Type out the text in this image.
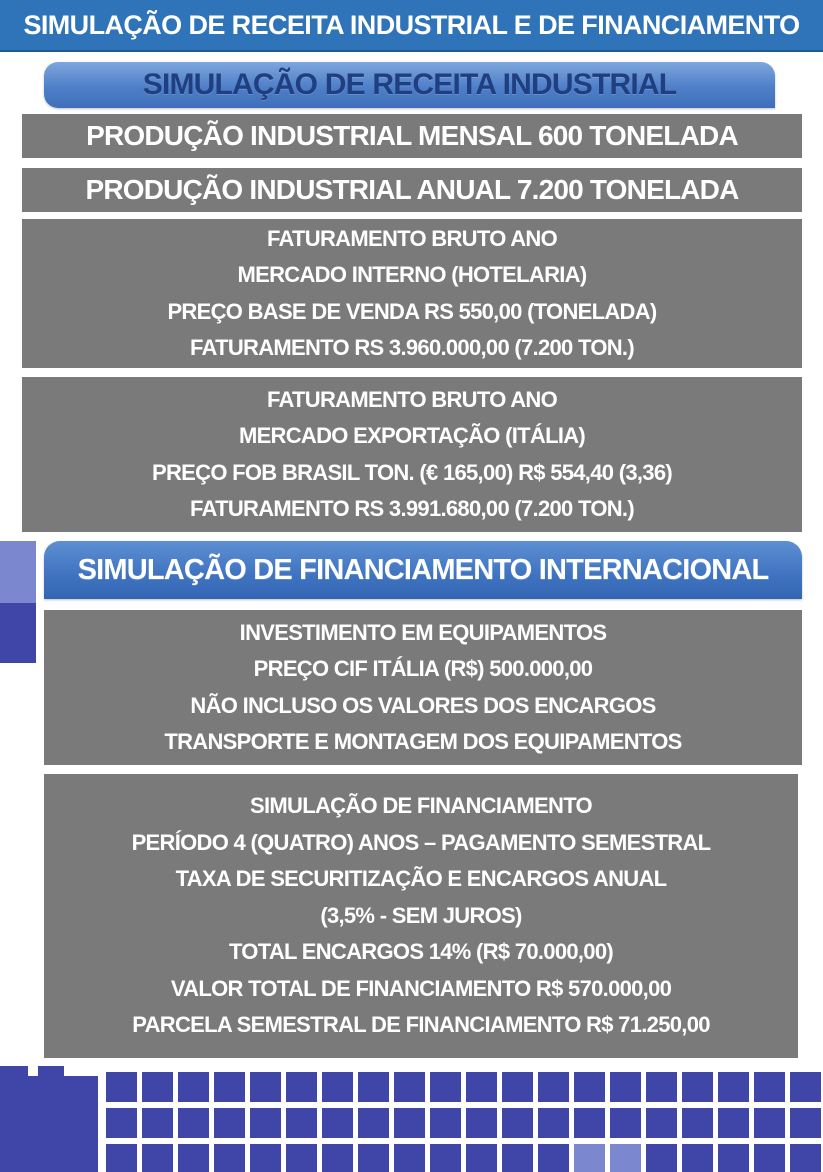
SIMULAÇÃO DE RECEITA INDUSTRIAL E DE FINANCIAMENTO
SIMULAÇÃO DE RECEITA INDUSTRIAL
PRODUÇÃO INDUSTRIAL MENSAL 600 TONELADA
PRODUÇÃO INDUSTRIAL ANUAL 7.200 TONELADA
FATURAMENTO BRUTO ANO
MERCADO INTERNO (HOTELARIA)
PREÇO BASE DE VENDA RS 550,00 (TONELADA)
FATURAMENTO RS 3.960.000,00 (7.200 TON.)
FATURAMENTO BRUTO ANO
MERCADO EXPORTAÇÃO (ITÁLIA)
PREÇO FOB BRASIL TON. (€ 165,00) R$ 554,40 (3,36)
FATURAMENTO RS 3.991.680,00 (7.200 TON.)
SIMULAÇÃO DE FINANCIAMENTO INTERNACIONAL
INVESTIMENTO EM EQUIPAMENTOS
PREÇO CIF ITÁLIA (R$) 500.000,00
NÃO INCLUSO OS VALORES DOS ENCARGOS
TRANSPORTE E MONTAGEM DOS EQUIPAMENTOS
SIMULAÇÃO DE FINANCIAMENTO
PERÍODO 4 (QUATRO) ANOS – PAGAMENTO SEMESTRAL
TAXA DE SECURITIZAÇÃO E ENCARGOS ANUAL
(3,5% - SEM JUROS)
TOTAL ENCARGOS 14% (R$ 70.000,00)
VALOR TOTAL DE FINANCIAMENTO R$ 570.000,00
PARCELA SEMESTRAL DE FINANCIAMENTO R$ 71.250,00
